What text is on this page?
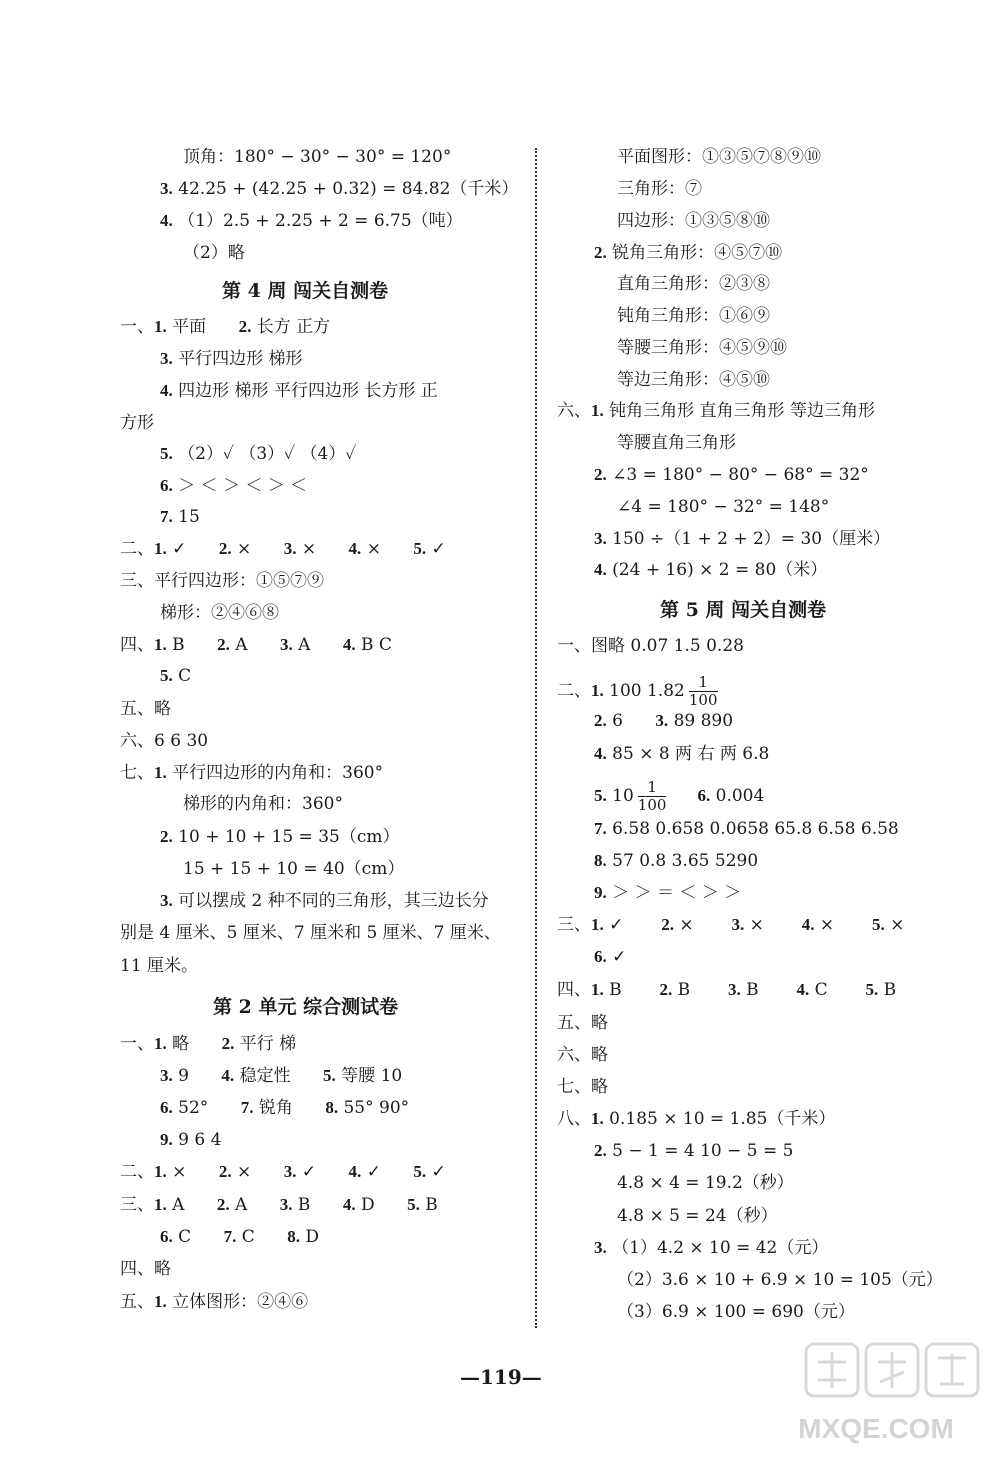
顶角：180° − 30° − 30° = 120°
3. 42.25 + (42.25 + 0.32) = 84.82（千米）
4. （1）2.5 + 2.25 + 2 = 6.75（吨）
（2）略
第 4 周 闯关自测卷
一、1. 平面 2. 长方 正方
3. 平行四边形 梯形
4. 四边形 梯形 平行四边形 长方形 正
方形
5. （2）✓ （3）✓ （4）✓
6. ＞ ＜ ＞ ＜ ＞ ＜
7. 15
二、1. ✓ 2. × 3. × 4. × 5. ✓
三、平行四边形：①⑤⑦⑨
梯形：②④⑥⑧
四、1. B 2. A 3. A 4. B C
5. C
五、略
六、6 6 30
七、1. 平行四边形的内角和：360°
梯形的内角和：360°
2. 10 + 10 + 15 = 35（cm）
15 + 15 + 10 = 40（cm）
3. 可以摆成 2 种不同的三角形，其三边长分
别是 4 厘米、5 厘米、7 厘米和 5 厘米、7 厘米、
11 厘米。
第 2 单元 综合测试卷
一、1. 略 2. 平行 梯
3. 9 4. 稳定性 5. 等腰 10
6. 52° 7. 锐角 8. 55° 90°
9. 9 6 4
二、1. × 2. × 3. ✓ 4. ✓ 5. ✓
三、1. A 2. A 3. B 4. D 5. B
6. C 7. C 8. D
四、略
五、1. 立体图形：②④⑥
平面图形：①③⑤⑦⑧⑨⑩
三角形：⑦
四边形：①③⑤⑧⑩
2. 锐角三角形：④⑤⑦⑩
直角三角形：②③⑧
钝角三角形：①⑥⑨
等腰三角形：④⑤⑨⑩
等边三角形：④⑤⑩
六、1. 钝角三角形 直角三角形 等边三角形
等腰直角三角形
2. ∠3 = 180° − 80° − 68° = 32°
∠4 = 180° − 32° = 148°
3. 150 ÷（1 + 2 + 2）= 30（厘米）
4. (24 + 16) × 2 = 80（米）
第 5 周 闯关自测卷
一、图略 0.07 1.5 0.28
二、1. 100 $1.82 \frac{1}{100}$
2. 6 3. 89 890
4. 85 × 8 两 右 两 6.8
5. $10 \frac{1}{100} 6$. 0.004
7. 6.58 0.658 0.0658 65.8 6.58 6.58
8. 57 0.8 3.65 5290
9. ＞ ＞ ＝ ＜ ＞ ＞
三、1. ✓ 2. × 3. × 4. × 5. ×
6. ✓
四、1. B 2. B 3. B 4. C 5. B
五、略
六、略
七、略
八、1. 0.185 × 10 = 1.85（千米）
2. 5 − 1 = 4 10 − 5 = 5
4.8 × 4 = 19.2（秒）
4.8 × 5 = 24（秒）
3. （1）4.2 × 10 = 42（元）
（2）3.6 × 10 + 6.9 × 10 = 105（元）
（3）6.9 × 100 = 690（元）
—119—
MXQE.COM
